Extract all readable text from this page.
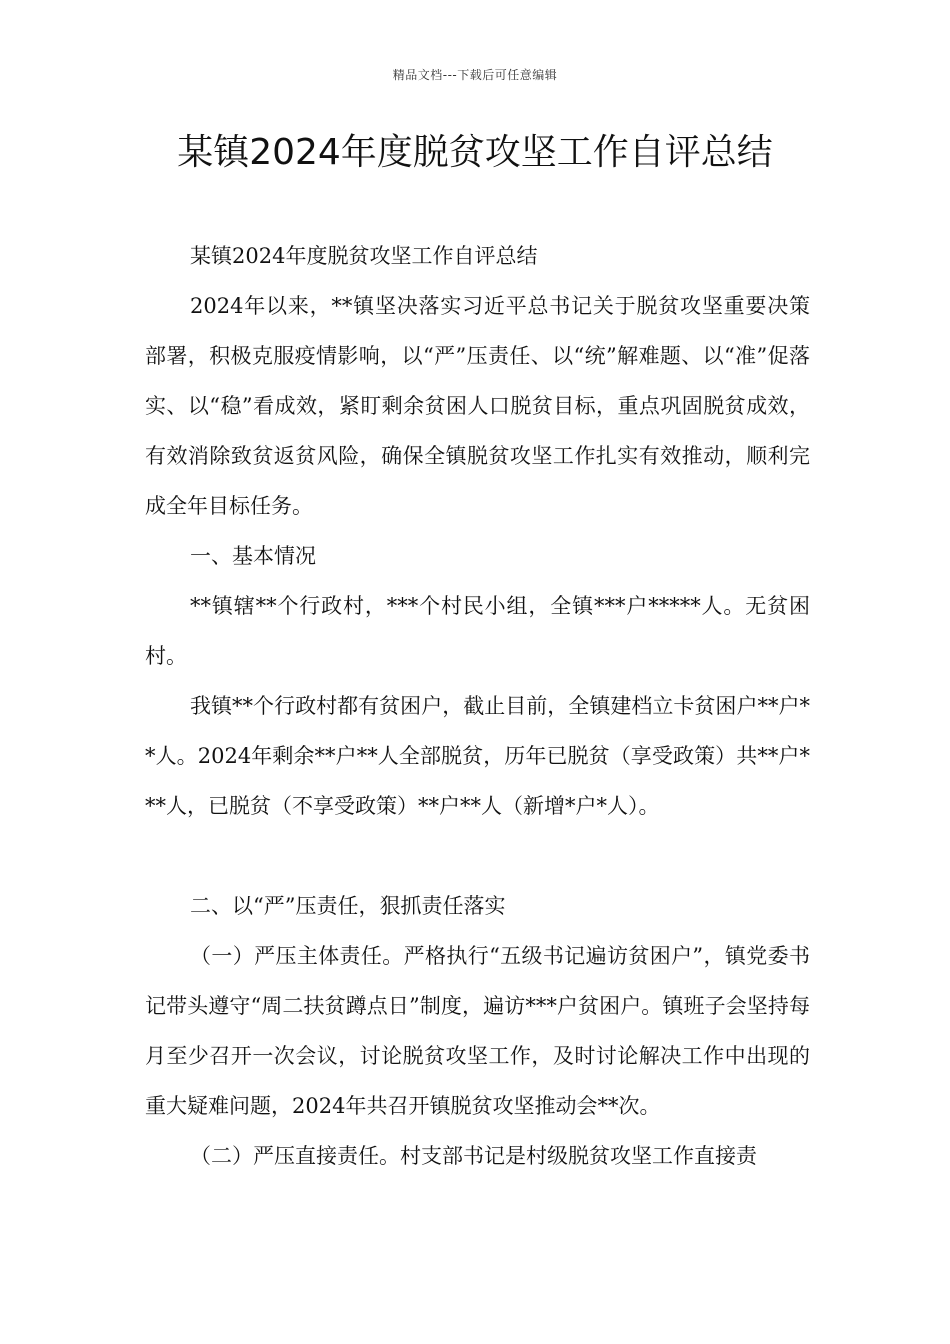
精品文档---下载后可任意编辑
某镇2024年度脱贫攻坚工作自评总结

某镇2024年度脱贫攻坚工作自评总结

2024年以来，**镇坚决落实习近平总书记关于脱贫攻坚重要决策部署，积极克服疫情影响，以“严”压责任、以“统”解难题、以“准”促落实、以“稳”看成效，紧盯剩余贫困人口脱贫目标，重点巩固脱贫成效，有效消除致贫返贫风险，确保全镇脱贫攻坚工作扎实有效推动，顺利完成全年目标任务。

一、基本情况

**镇辖**个行政村，***个村民小组，全镇***户*****人。无贫困村。

我镇**个行政村都有贫困户，截止目前，全镇建档立卡贫困户**户**人。2024年剩余**户**人全部脱贫，历年已脱贫（享受政策）共**户***人，已脱贫（不享受政策）**户**人（新增*户*人）。

二、以“严”压责任，狠抓责任落实

（一）严压主体责任。严格执行“五级书记遍访贫困户”，镇党委书记带头遵守“周二扶贫蹲点日”制度，遍访***户贫困户。镇班子会坚持每月至少召开一次会议，讨论脱贫攻坚工作，及时讨论解决工作中出现的重大疑难问题，2024年共召开镇脱贫攻坚推动会**次。

（二）严压直接责任。村支部书记是村级脱贫攻坚工作直接责
